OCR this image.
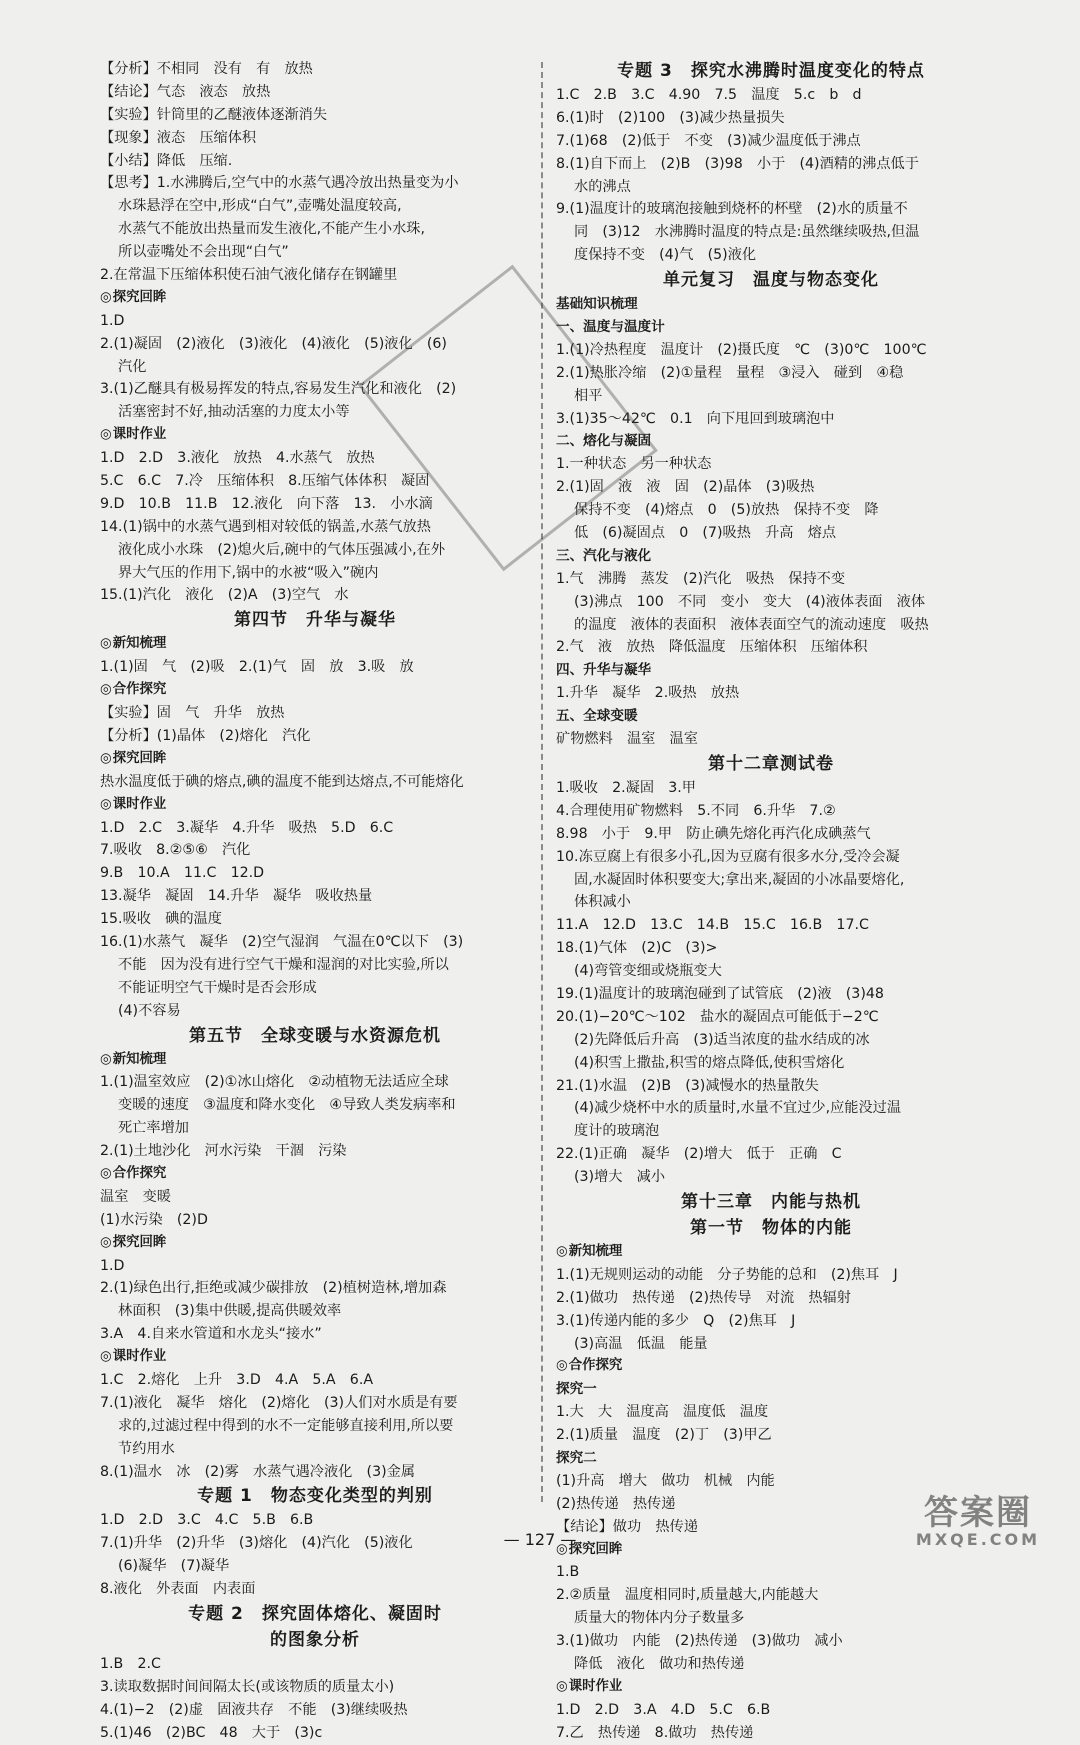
【分析】不相同　没有　有　放热
【结论】气态　液态　放热
【实验】针筒里的乙醚液体逐渐消失
【现象】液态　压缩体积
【小结】降低　压缩.
【思考】1.水沸腾后,空气中的水蒸气遇冷放出热量变为小
水珠悬浮在空中,形成“白气”,壶嘴处温度较高,
水蒸气不能放出热量而发生液化,不能产生小水珠,
所以壶嘴处不会出现“白气”
2.在常温下压缩体积使石油气液化储存在钢罐里
◎ 探究回眸
1.D
2.(1)凝固　(2)液化　(3)液化　(4)液化　(5)液化　(6)
汽化
3.(1)乙醚具有极易挥发的特点,容易发生汽化和液化　(2)
活塞密封不好,抽动活塞的力度太小等
◎ 课时作业
1.D　2.D　3.液化　放热　4.水蒸气　放热
5.C　6.C　7.冷　压缩体积　8.压缩气体体积　凝固
9.D　10.B　11.B　12.液化　向下落　13.　小水滴
14.(1)锅中的水蒸气遇到相对较低的锅盖,水蒸气放热
液化成小水珠　(2)熄火后,碗中的气体压强减小,在外
界大气压的作用下,锅中的水被“吸入”碗内
15.(1)汽化　液化　(2)A　(3)空气　水
第四节　升华与凝华
◎ 新知梳理
1.(1)固　气　(2)吸　2.(1)气　固　放　3.吸　放
◎ 合作探究
【实验】固　气　升华　放热
【分析】(1)晶体　(2)熔化　汽化
◎ 探究回眸
热水温度低于碘的熔点,碘的温度不能到达熔点,不可能熔化
◎ 课时作业
1.D　2.C　3.凝华　4.升华　吸热　5.D　6.C
7.吸收　8.②⑤⑥　汽化
9.B　10.A　11.C　12.D
13.凝华　凝固　14.升华　凝华　吸收热量
15.吸收　碘的温度
16.(1)水蒸气　凝华　(2)空气湿润　气温在0℃以下　(3)
不能　因为没有进行空气干燥和湿润的对比实验,所以
不能证明空气干燥时是否会形成
(4)不容易
第五节　全球变暖与水资源危机
◎ 新知梳理
1.(1)温室效应　(2)①冰山熔化　②动植物无法适应全球
变暖的速度　③温度和降水变化　④导致人类发病率和
死亡率增加
2.(1)土地沙化　河水污染　干涸　污染
◎ 合作探究
温室　变暖
(1)水污染　(2)D
◎ 探究回眸
1.D
2.(1)绿色出行,拒绝或减少碳排放　(2)植树造林,增加森
林面积　(3)集中供暖,提高供暖效率
3.A　4.自来水管道和水龙头“接水”
◎ 课时作业
1.C　2.熔化　上升　3.D　4.A　5.A　6.A
7.(1)液化　凝华　熔化　(2)熔化　(3)人们对水质是有要
求的,过滤过程中得到的水不一定能够直接利用,所以要
节约用水
8.(1)温水　冰　(2)雾　水蒸气遇冷液化　(3)金属
专题 1　物态变化类型的判别
1.D　2.D　3.C　4.C　5.B　6.B
7.(1)升华　(2)升华　(3)熔化　(4)汽化　(5)液化
(6)凝华　(7)凝华
8.液化　外表面　内表面
专题 2　探究固体熔化、凝固时
的图象分析
1.B　2.C
3.读取数据时间间隔太长(或该物质的质量太小)
4.(1)−2　(2)虚　固液共存　不能　(3)继续吸热
5.(1)46　(2)BC　48　大于　(3)c
专题 3　探究水沸腾时温度变化的特点
1.C　2.B　3.C　4.90　7.5　温度　5.c　b　d
6.(1)时　(2)100　(3)减少热量损失
7.(1)68　(2)低于　不变　(3)减少温度低于沸点
8.(1)自下而上　(2)B　(3)98　小于　(4)酒精的沸点低于
水的沸点
9.(1)温度计的玻璃泡接触到烧杯的杯壁　(2)水的质量不
同　(3)12　水沸腾时温度的特点是:虽然继续吸热,但温
度保持不变　(4)气　(5)液化
单元复习　温度与物态变化
基础知识梳理
一、温度与温度计
1.(1)冷热程度　温度计　(2)摄氏度　℃　(3)0℃　100℃
2.(1)热胀冷缩　(2)①量程　量程　③浸入　碰到　④稳
相平
3.(1)35～42℃　0.1　向下甩回到玻璃泡中
二、熔化与凝固
1.一种状态　另一种状态
2.(1)固　液　液　固　(2)晶体　(3)吸热
保持不变　(4)熔点　0　(5)放热　保持不变　降
低　(6)凝固点　0　(7)吸热　升高　熔点
三、汽化与液化
1.气　沸腾　蒸发　(2)汽化　吸热　保持不变
(3)沸点　100　不同　变小　变大　(4)液体表面　液体
的温度　液体的表面积　液体表面空气的流动速度　吸热
2.气　液　放热　降低温度　压缩体积　压缩体积
四、升华与凝华
1.升华　凝华　2.吸热　放热
五、全球变暖
矿物燃料　温室　温室
第十二章测试卷
1.吸收　2.凝固　3.甲
4.合理使用矿物燃料　5.不同　6.升华　7.②
8.98　小于　9.甲　防止碘先熔化再汽化成碘蒸气
10.冻豆腐上有很多小孔,因为豆腐有很多水分,受冷会凝
固,水凝固时体积要变大;拿出来,凝固的小冰晶要熔化,
体积减小
11.A　12.D　13.C　14.B　15.C　16.B　17.C
18.(1)气体　(2)C　(3)>
(4)弯管变细或烧瓶变大
19.(1)温度计的玻璃泡碰到了试管底　(2)液　(3)48
20.(1)−20℃～102　盐水的凝固点可能低于−2℃
(2)先降低后升高　(3)适当浓度的盐水结成的冰
(4)积雪上撒盐,积雪的熔点降低,使积雪熔化
21.(1)水温　(2)B　(3)减慢水的热量散失
(4)减少烧杯中水的质量时,水量不宜过少,应能没过温
度计的玻璃泡
22.(1)正确　凝华　(2)增大　低于　正确　C
(3)增大　减小
第十三章　内能与热机
第一节　物体的内能
◎ 新知梳理
1.(1)无规则运动的动能　分子势能的总和　(2)焦耳　J
2.(1)做功　热传递　(2)热传导　对流　热辐射
3.(1)传递内能的多少　Q　(2)焦耳　J
(3)高温　低温　能量
◎ 合作探究
探究一
1.大　大　温度高　温度低　温度
2.(1)质量　温度　(2)丁　(3)甲乙
探究二
(1)升高　增大　做功　机械　内能
(2)热传递　热传递
【结论】做功　热传递
◎ 探究回眸
1.B
2.②质量　温度相同时,质量越大,内能越大
质量大的物体内分子数量多
3.(1)做功　内能　(2)热传递　(3)做功　减小
降低　液化　做功和热传递
◎ 课时作业
1.D　2.D　3.A　4.D　5.C　6.B
7.乙　热传递　8.做功　热传递
— 127 —
答案圈
MXQE.COM
